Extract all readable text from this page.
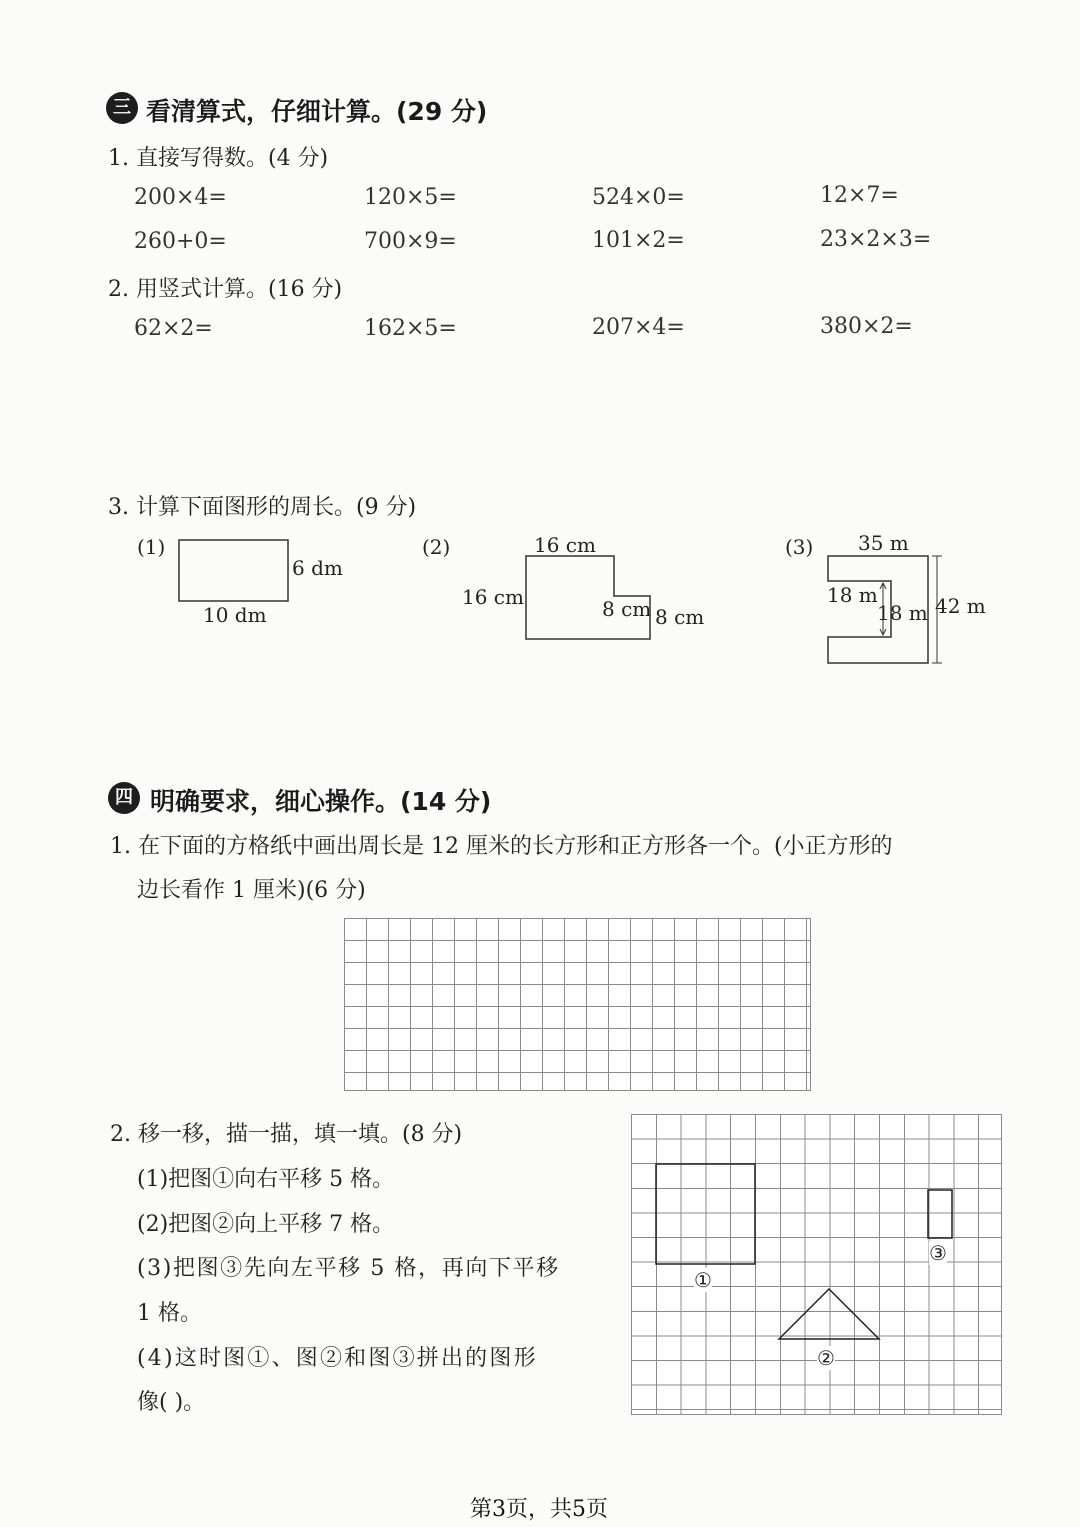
三 看清算式，仔细计算。(29 分)
1. 直接写得数。(4 分)
200×4=	120×5=	524×0=	12×7=
260+0=	700×9=	101×2=	23×2×3=
2. 用竖式计算。(16 分)
62×2=	162×5=	207×4=	380×2=
3. 计算下面图形的周长。(9 分)
(1)
6 dm
10 dm
(2)	16 cm
16 cm	8 cm 8 cm
(3) 35 m
18 m
18 m 42 m
四 明确要求，细心操作。(14 分)
1. 在下面的方格纸中画出周长是 12 厘米的长方形和正方形各一个。(小正方形的
边长看作 1 厘米)(6 分)
2. 移一移，描一描，填一填。(8 分)
(1)把图①向右平移 5 格。
(2)把图②向上平移 7 格。
(3)把图③先向左平移 5 格，再向下平移
1 格。
(4)这时图①、图②和图③拼出的图形
像( )。
①
②
③
第3页，共5页
